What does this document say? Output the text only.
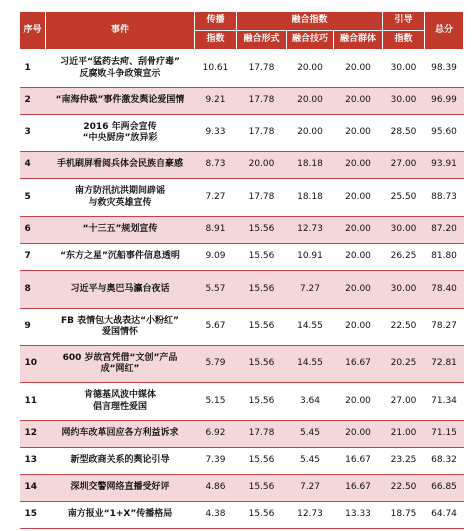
序号	事件	传播	融合指数			引导	总分
		指数	融合形式	融合技巧	融合群体	指数	
1	习近平“猛药去疴、刮骨疗毒”
反腐败斗争政策宣示	10.61	17.78	20.00	20.00	30.00	98.39
2	“南海仲裁”事件激发舆论爱国情	9.21	17.78	20.00	20.00	30.00	96.99
3	2016 年两会宣传
“中央厨房”放异彩	9.33	17.78	20.00	20.00	28.50	95.60
4	手机刷屏看阅兵体会民族自豪感	8.73	20.00	18.18	20.00	27.00	93.91
5	南方防汛抗洪期间辟谣
与救灾英雄宣传	7.27	17.78	18.18	20.00	25.50	88.73
6	“十三五”规划宣传	8.91	15.56	12.73	20.00	30.00	87.20
7	“东方之星”沉船事件信息透明	9.09	15.56	10.91	20.00	26.25	81.80
8	习近平与奥巴马瀛台夜话	5.57	15.56	7.27	20.00	30.00	78.40
9	FB 表情包大战表达“小粉红”
爱国情怀	5.67	15.56	14.55	20.00	22.50	78.27
10	600 岁故宫凭借“文创”产品
成“网红”	5.79	15.56	14.55	16.67	20.25	72.81
11	肯德基风波中媒体
倡言理性爱国	5.15	15.56	3.64	20.00	27.00	71.34
12	网约车改革回应各方利益诉求	6.92	17.78	5.45	20.00	21.00	71.15
13	新型政商关系的舆论引导	7.39	15.56	5.45	16.67	23.25	68.32
14	深圳交警网络直播受好评	4.86	15.56	7.27	16.67	22.50	66.85
15	南方报业“1+X”传播格局	4.38	15.56	12.73	13.33	18.75	64.74
